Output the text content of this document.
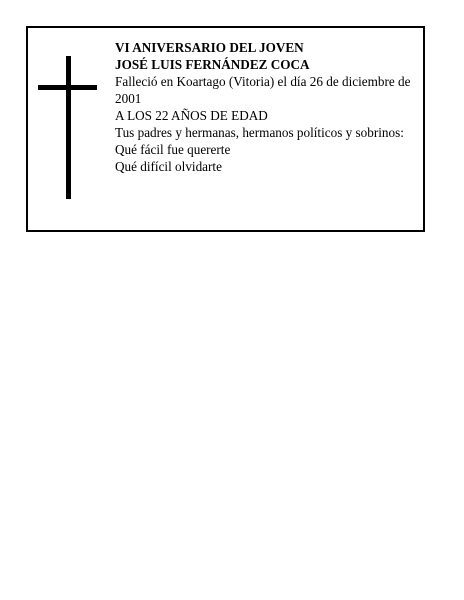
VI ANIVERSARIO DEL JOVEN
JOSÉ LUIS FERNÁNDEZ COCA
Falleció en Koartago (Vitoria) el día 26 de diciembre de 2001
A LOS 22 AÑOS DE EDAD
Tus padres y hermanas, hermanos políticos y sobrinos:
Qué fácil fue quererte
Qué difícil olvidarte
